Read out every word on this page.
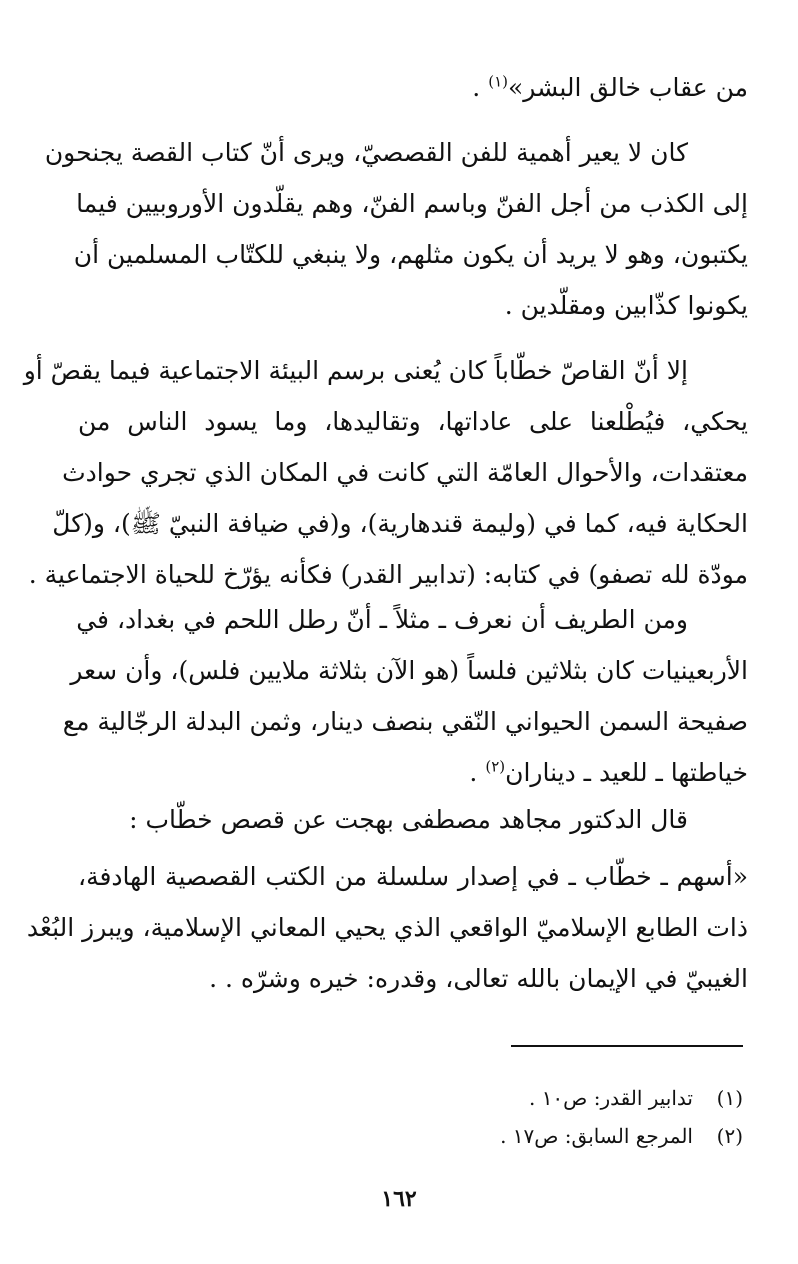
من عقاب خالق البشر»$^{(١)}$ .

كان لا يعير أهمية للفن القصصيّ، ويرى أنّ كتاب القصة يجنحون
إلى الكذب من أجل الفنّ وباسم الفنّ، وهم يقلّدون الأوروبيين فيما
يكتبون، وهو لا يريد أن يكون مثلهم، ولا ينبغي للكتّاب المسلمين أن
يكونوا كذّابين ومقلّدين .

إلا أنّ القاصّ خطّاباً كان يُعنى برسم البيئة الاجتماعية فيما يقصّ أو
يحكي، فيُطْلعنا على عاداتها، وتقاليدها، وما يسود الناس من
معتقدات، والأحوال العامّة التي كانت في المكان الذي تجري حوادث
الحكاية فيه، كما في (وليمة قندهارية)، و(في ضيافة النبيّ ﷺ)، و(كلّ
مودّة لله تصفو) في كتابه: (تدابير القدر) فكأنه يؤرّخ للحياة الاجتماعية .

ومن الطريف أن نعرف ـ مثلاً ـ أنّ رطل اللحم في بغداد، في
الأربعينيات كان بثلاثين فلساً (هو الآن بثلاثة ملايين فلس)، وأن سعر
صفيحة السمن الحيواني النّقي بنصف دينار، وثمن البدلة الرجّالية مع
خياطتها ـ للعيد ـ ديناران$^{(٢)}$ .

قال الدكتور مجاهد مصطفى بهجت عن قصص خطّاب :

«أسهم ـ خطّاب ـ في إصدار سلسلة من الكتب القصصية الهادفة،
ذات الطابع الإسلاميّ الواقعي الذي يحيي المعاني الإسلامية، ويبرز البُعْد
الغيبيّ في الإيمان بالله تعالى، وقدره: خيره وشرّه . .

(١)تدابير القدر: ص١٠ .
(٢)المرجع السابق: ص١٧ .
١٦٢
